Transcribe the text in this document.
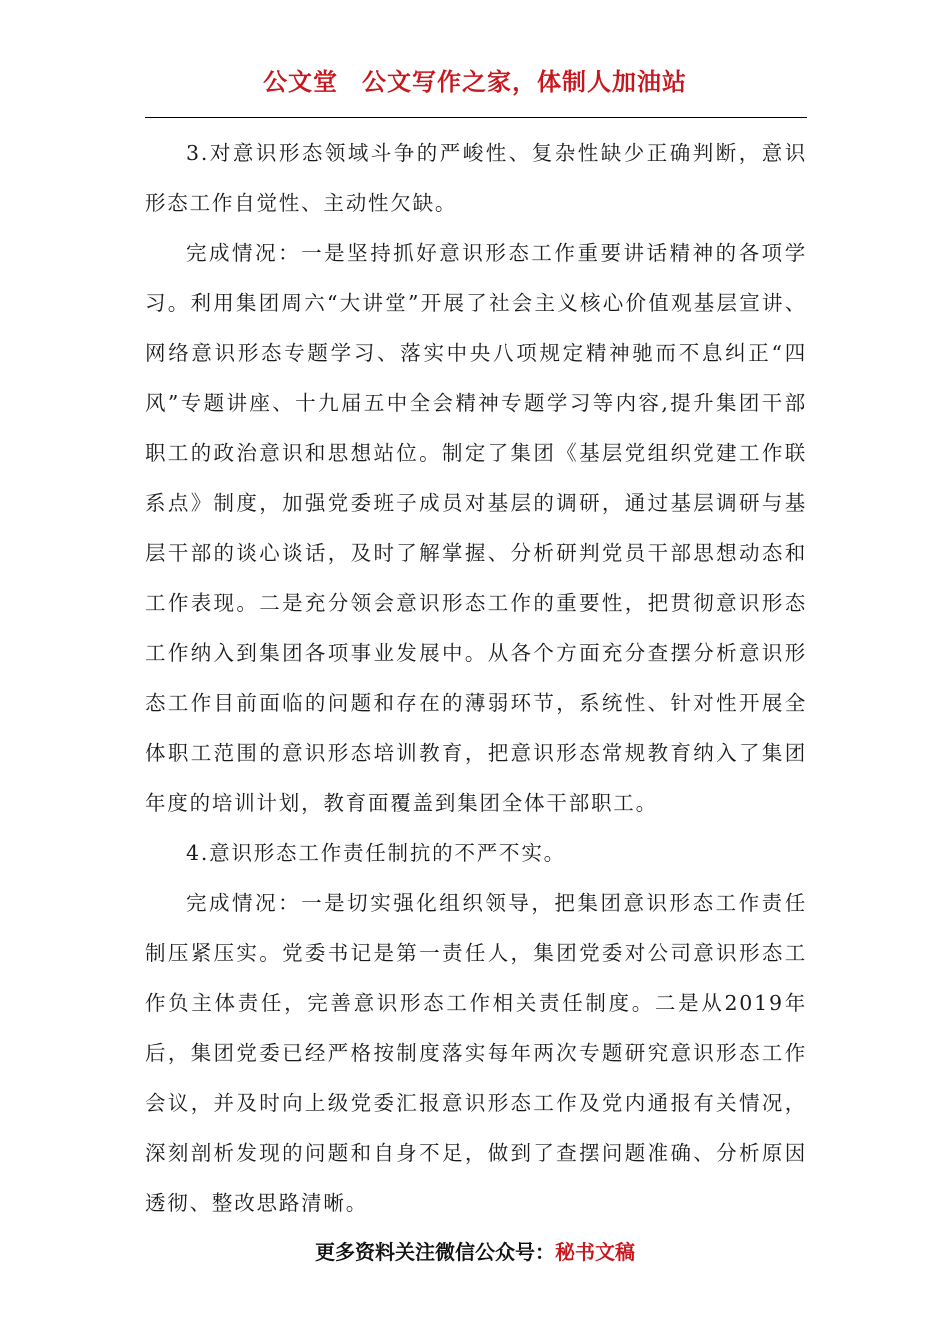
公文堂 公文写作之家，体制人加油站

3.对意识形态领域斗争的严峻性、复杂性缺少正确判断，意识形态工作自觉性、主动性欠缺。

完成情况：一是坚持抓好意识形态工作重要讲话精神的各项学习。利用集团周六“大讲堂”开展了社会主义核心价值观基层宣讲、网络意识形态专题学习、落实中央八项规定精神驰而不息纠正“四风”专题讲座、十九届五中全会精神专题学习等内容,提升集团干部职工的政治意识和思想站位。制定了集团《基层党组织党建工作联系点》制度，加强党委班子成员对基层的调研，通过基层调研与基层干部的谈心谈话，及时了解掌握、分析研判党员干部思想动态和工作表现。二是充分领会意识形态工作的重要性，把贯彻意识形态工作纳入到集团各项事业发展中。从各个方面充分查摆分析意识形态工作目前面临的问题和存在的薄弱环节，系统性、针对性开展全体职工范围的意识形态培训教育，把意识形态常规教育纳入了集团年度的培训计划，教育面覆盖到集团全体干部职工。

4.意识形态工作责任制抗的不严不实。

完成情况：一是切实强化组织领导，把集团意识形态工作责任制压紧压实。党委书记是第一责任人，集团党委对公司意识形态工作负主体责任，完善意识形态工作相关责任制度。二是从2019年后，集团党委已经严格按制度落实每年两次专题研究意识形态工作会议，并及时向上级党委汇报意识形态工作及党内通报有关情况，深刻剖析发现的问题和自身不足，做到了查摆问题准确、分析原因透彻、整改思路清晰。

更多资料关注微信公众号：秘书文稿
